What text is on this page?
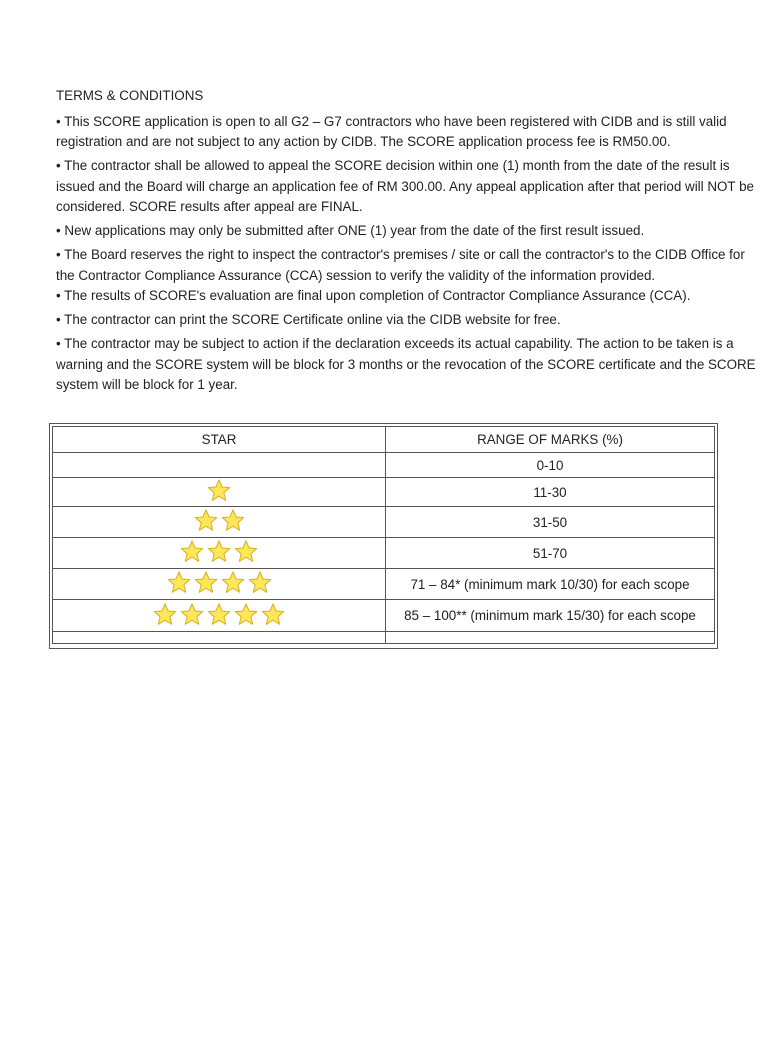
TERMS & CONDITIONS
• This SCORE application is open to all G2 – G7 contractors who have been registered with CIDB and is still valid registration and are not subject to any action by CIDB. The SCORE application process fee is RM50.00.
• The contractor shall be allowed to appeal the SCORE decision within one (1) month from the date of the result is issued and the Board will charge an application fee of RM 300.00. Any appeal application after that period will NOT be considered. SCORE results after appeal are FINAL.
• New applications may only be submitted after ONE (1) year from the date of the first result issued.
• The Board reserves the right to inspect the contractor's premises / site or call the contractor's to the CIDB Office for the Contractor Compliance Assurance (CCA) session to verify the validity of the information provided.
• The results of SCORE's evaluation are final upon completion of Contractor Compliance Assurance (CCA).
• The contractor can print the SCORE Certificate online via the CIDB website for free.
• The contractor may be subject to action if the declaration exceeds its actual capability. The action to be taken is a warning and the SCORE system will be block for 3 months or the revocation of the SCORE certificate and the SCORE system will be block for 1 year.
STAR	RANGE OF MARKS (%)
	0-10

	11-30

	31-50

	51-70

	71 – 84* (minimum mark 10/30) for each scope

	85 – 100** (minimum mark 15/30) for each scope
